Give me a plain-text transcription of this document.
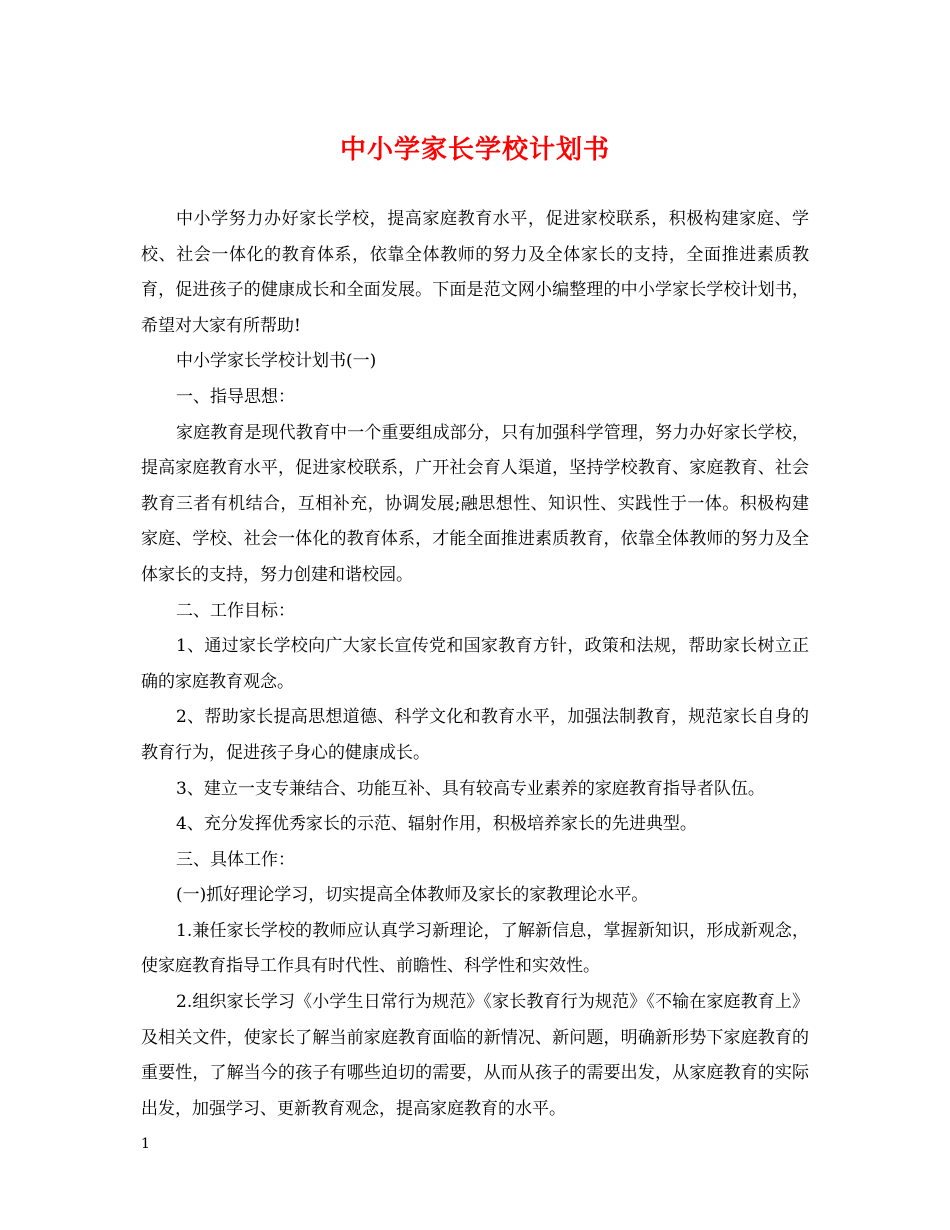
中小学家长学校计划书

中小学努力办好家长学校，提高家庭教育水平，促进家校联系，积极构建家庭、学校、社会一体化的教育体系，依靠全体教师的努力及全体家长的支持，全面推进素质教育，促进孩子的健康成长和全面发展。下面是范文网小编整理的中小学家长学校计划书，希望对大家有所帮助!

中小学家长学校计划书(一)

一、指导思想：

家庭教育是现代教育中一个重要组成部分，只有加强科学管理，努力办好家长学校，提高家庭教育水平，促进家校联系，广开社会育人渠道，坚持学校教育、家庭教育、社会教育三者有机结合，互相补充，协调发展;融思想性、知识性、实践性于一体。积极构建家庭、学校、社会一体化的教育体系，才能全面推进素质教育，依靠全体教师的努力及全体家长的支持，努力创建和谐校园。

二、工作目标：

1、通过家长学校向广大家长宣传党和国家教育方针，政策和法规，帮助家长树立正确的家庭教育观念。

2、帮助家长提高思想道德、科学文化和教育水平，加强法制教育，规范家长自身的教育行为，促进孩子身心的健康成长。

3、建立一支专兼结合、功能互补、具有较高专业素养的家庭教育指导者队伍。

4、充分发挥优秀家长的示范、辐射作用，积极培养家长的先进典型。

三、具体工作：

(一)抓好理论学习，切实提高全体教师及家长的家教理论水平。

1.兼任家长学校的教师应认真学习新理论，了解新信息，掌握新知识，形成新观念，使家庭教育指导工作具有时代性、前瞻性、科学性和实效性。

2.组织家长学习《小学生日常行为规范》《家长教育行为规范》《不输在家庭教育上》及相关文件，使家长了解当前家庭教育面临的新情况、新问题，明确新形势下家庭教育的重要性，了解当今的孩子有哪些迫切的需要，从而从孩子的需要出发，从家庭教育的实际出发，加强学习、更新教育观念，提高家庭教育的水平。

1
